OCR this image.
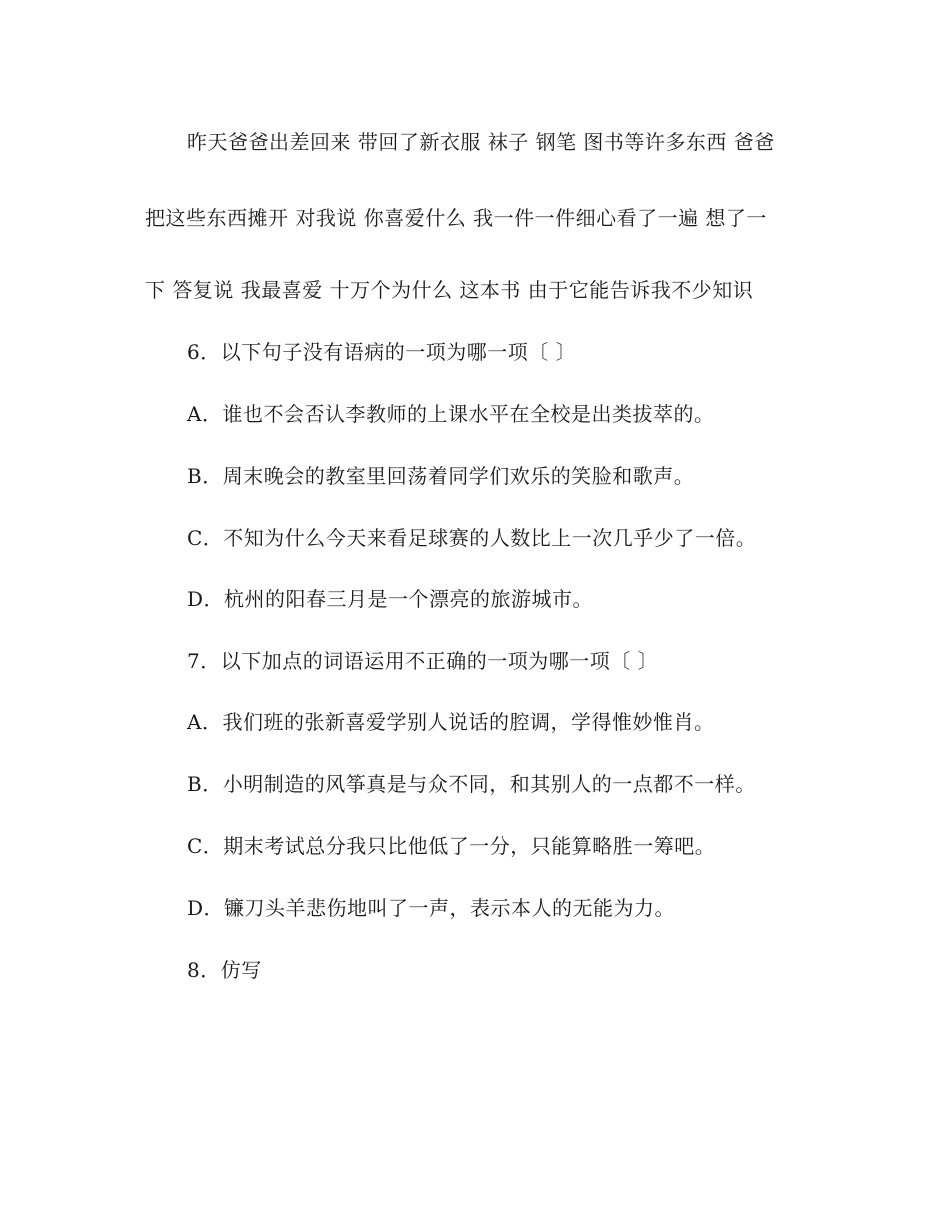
昨天爸爸出差回来 带回了新衣服 袜子 钢笔 图书等许多东西 爸爸
把这些东西摊开 对我说 你喜爱什么 我一件一件细心看了一遍 想了一
下 答复说 我最喜爱 十万个为什么 这本书 由于它能告诉我不少知识
6．以下句子没有语病的一项为哪一项〔 〕
A．谁也不会否认李教师的上课水平在全校是出类拔萃的。
B．周末晚会的教室里回荡着同学们欢乐的笑脸和歌声。
C．不知为什么今天来看足球赛的人数比上一次几乎少了一倍。
D．杭州的阳春三月是一个漂亮的旅游城市。
7．以下加点的词语运用不正确的一项为哪一项〔 〕
A．我们班的张新喜爱学别人说话的腔调，学得惟妙惟肖。
B．小明制造的风筝真是与众不同，和其别人的一点都不一样。
C．期末考试总分我只比他低了一分，只能算略胜一筹吧。
D．镰刀头羊悲伤地叫了一声，表示本人的无能为力。
8．仿写
